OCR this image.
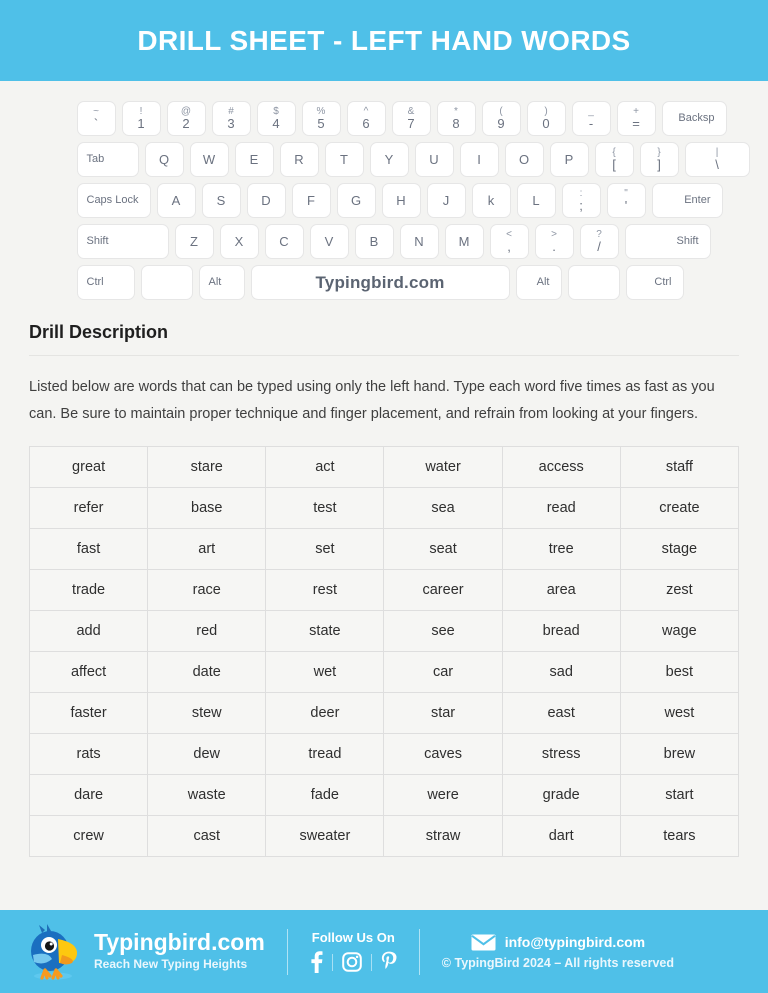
DRILL SHEET - LEFT HAND WORDS
~
`
!
1
@
2
#
3
$
4
%
5
^
6
&
7
*
8
(
9
)
0
_
-
+
=	Backsp
Tab	Q	W	E	R	T	Y	U	I	O	P	{
[
}
]
|
\
Caps Lock	A	S	D	F	G	H	J	k	L	:
;
"
'	Enter
Shift	Z	X	C	V	B	N	M	<
,
>
.
?
/	Shift
Ctrl	Alt	Typingbird.com	Alt	Ctrl
Drill Description
Listed below are words that can be typed using only the left hand. Type each word five times as fast as you can. Be sure to maintain proper technique and finger placement, and refrain from looking at your fingers.
great	stare	act	water	access	staff
refer	base	test	sea	read	create
fast	art	set	seat	tree	stage
trade	race	rest	career	area	zest
add	red	state	see	bread	wage
affect	date	wet	car	sad	best
faster	stew	deer	star	east	west
rats	dew	tread	caves	stress	brew
dare	waste	fade	were	grade	start
crew	cast	sweater	straw	dart	tears
Typingbird.com
Reach New Typing Heights
Follow Us On	info@typingbird.com
© TypingBird 2024 – All rights reserved
